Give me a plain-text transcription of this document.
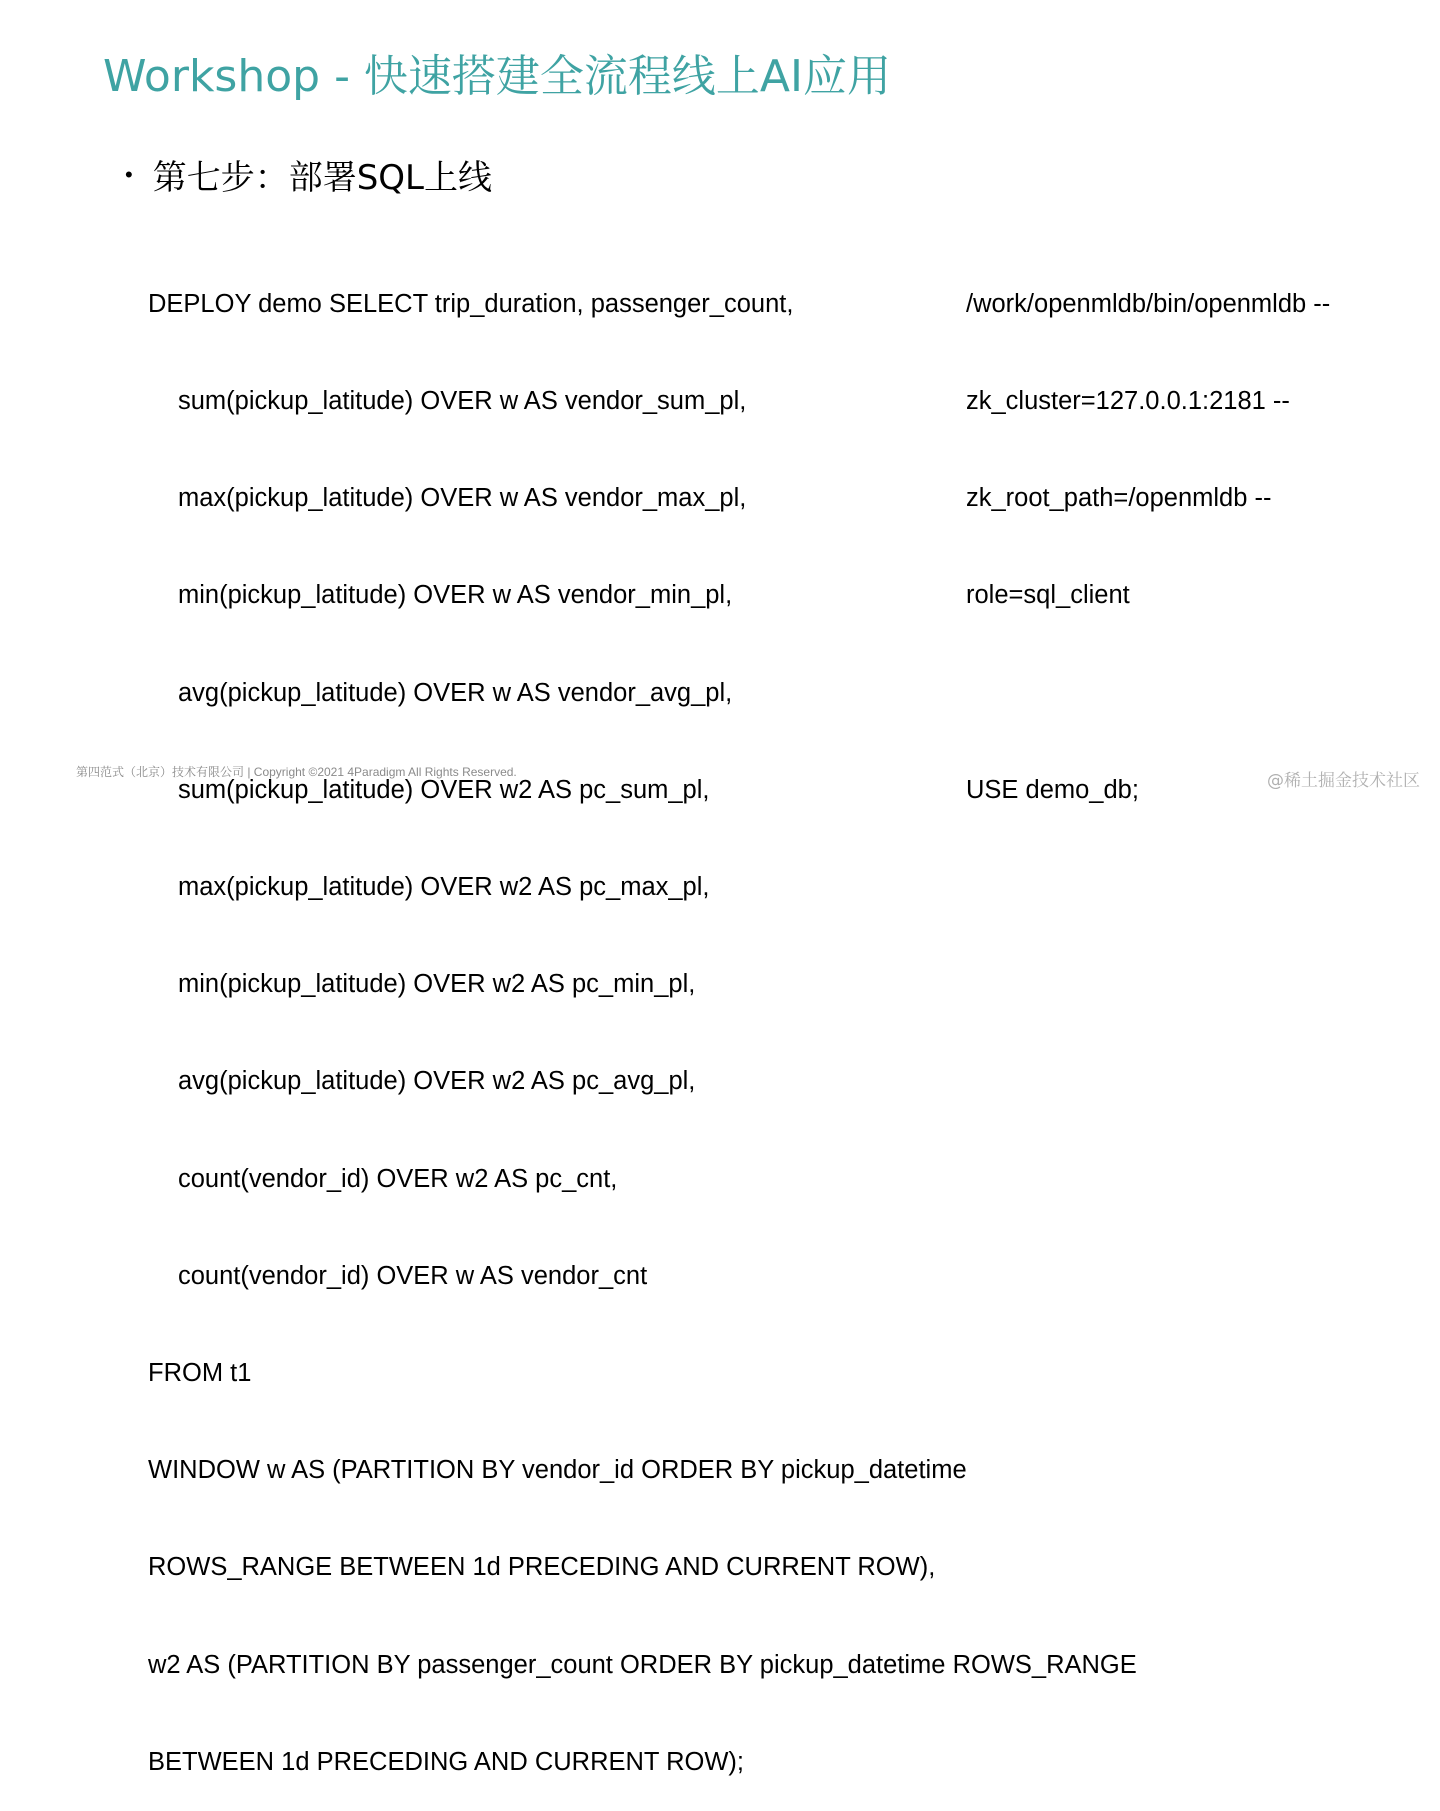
Workshop - 快速搭建全流程线上AI应用
• 第七步：部署SQL上线

DEPLOY demo SELECT trip_duration, passenger_count,

sum(pickup_latitude) OVER w AS vendor_sum_pl,

max(pickup_latitude) OVER w AS vendor_max_pl,

min(pickup_latitude) OVER w AS vendor_min_pl,

avg(pickup_latitude) OVER w AS vendor_avg_pl,

sum(pickup_latitude) OVER w2 AS pc_sum_pl,

max(pickup_latitude) OVER w2 AS pc_max_pl,

min(pickup_latitude) OVER w2 AS pc_min_pl,

avg(pickup_latitude) OVER w2 AS pc_avg_pl,

count(vendor_id) OVER w2 AS pc_cnt,

count(vendor_id) OVER w AS vendor_cnt

FROM t1

WINDOW w AS (PARTITION BY vendor_id ORDER BY pickup_datetime

ROWS_RANGE BETWEEN 1d PRECEDING AND CURRENT ROW),

w2 AS (PARTITION BY passenger_count ORDER BY pickup_datetime ROWS_RANGE

BETWEEN 1d PRECEDING AND CURRENT ROW);

/work/openmldb/bin/openmldb --

zk_cluster=127.0.0.1:2181 --

zk_root_path=/openmldb --

role=sql_client

USE demo_db;

第四范式（北京）技术有限公司 | Copyright ©2021 4Paradigm All Rights Reserved.	@稀土掘金技术社区
